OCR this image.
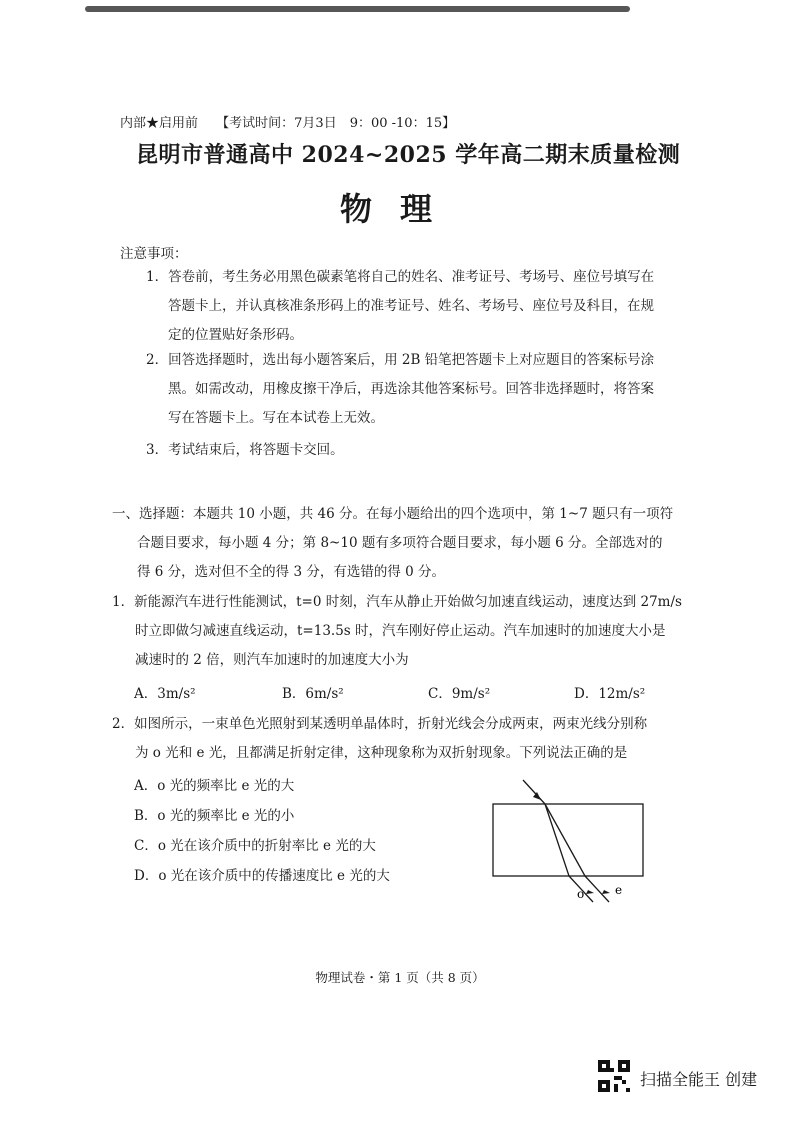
内部★启用前 【考试时间：7月3日　9：00 -10：15】
昆明市普通高中 2024~2025 学年高二期末质量检测
物理
注意事项：
1．答卷前，考生务必用黑色碳素笔将自己的姓名、准考证号、考场号、座位号填写在
答题卡上，并认真核准条形码上的准考证号、姓名、考场号、座位号及科目，在规
定的位置贴好条形码。
2．回答选择题时，选出每小题答案后，用 2B 铅笔把答题卡上对应题目的答案标号涂
黑。如需改动，用橡皮擦干净后，再选涂其他答案标号。回答非选择题时，将答案
写在答题卡上。写在本试卷上无效。
3．考试结束后，将答题卡交回。
一、选择题：本题共 10 小题，共 46 分。在每小题给出的四个选项中，第 1~7 题只有一项符
合题目要求，每小题 4 分；第 8~10 题有多项符合题目要求，每小题 6 分。全部选对的
得 6 分，选对但不全的得 3 分，有选错的得 0 分。
1．新能源汽车进行性能测试，t=0 时刻，汽车从静止开始做匀加速直线运动，速度达到 27m/s
时立即做匀减速直线运动，t=13.5s 时，汽车刚好停止运动。汽车加速时的加速度大小是
减速时的 2 倍，则汽车加速时的加速度大小为
A．3m/s²	B．6m/s²	C．9m/s²	D．12m/s²
2．如图所示，一束单色光照射到某透明单晶体时，折射光线会分成两束，两束光线分别称
为 o 光和 e 光，且都满足折射定律，这种现象称为双折射现象。下列说法正确的是
A．o 光的频率比 e 光的大
B．o 光的频率比 e 光的小
C．o 光在该介质中的折射率比 e 光的大
D．o 光在该介质中的传播速度比 e 光的大
o	e
物理试卷・第 1 页（共 8 页）
扫描全能王 创建
